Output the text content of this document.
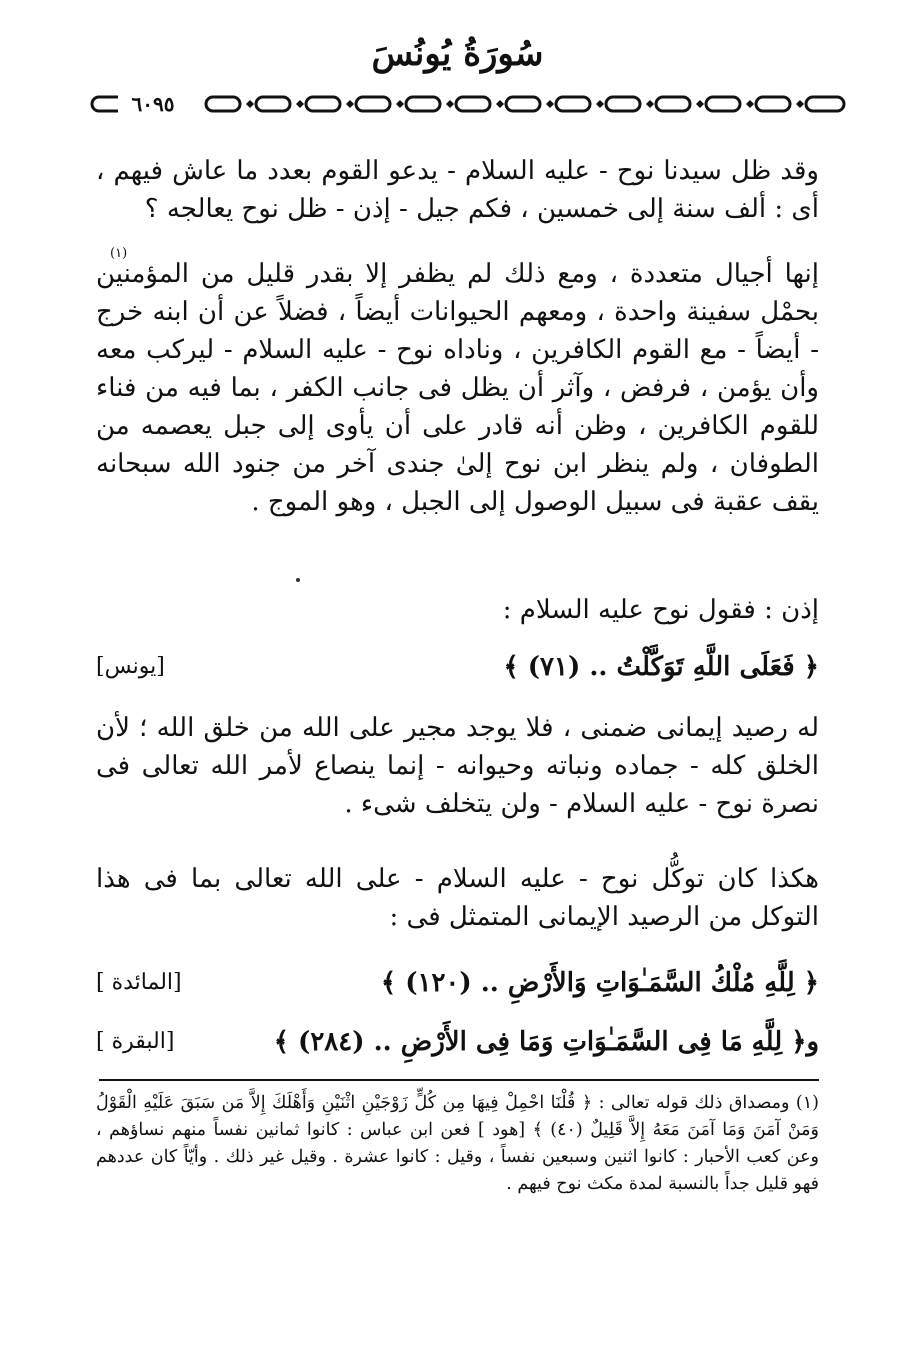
سُورَةُ يُونُسَ
٦٠٩٥
وقد ظل سيدنا نوح - عليه السلام - يدعو القوم بعدد ما عاش فيهم ، أى : ألف سنة إلى خمسين ، فكم جيل - إذن - ظل نوح يعالجه ؟
(١)
إنها أجيال متعددة ، ومع ذلك لم يظفر إلا بقدر قليل من المؤمنين بحمْل سفينة واحدة ، ومعهم الحيوانات أيضاً ، فضلاً عن أن ابنه خرج - أيضاً - مع القوم الكافرين ، وناداه نوح - عليه السلام - ليركب معه وأن يؤمن ، فرفض ، وآثر أن يظل فى جانب الكفر ، بما فيه من فناء للقوم الكافرين ، وظن أنه قادر على أن يأوى إلى جبل يعصمه من الطوفان ، ولم ينظر ابن نوح إلىٰ جندى آخر من جنود الله سبحانه يقف عقبة فى سبيل الوصول إلى الجبل ، وهو الموج .
إذن : فقول نوح عليه السلام :
﴿ فَعَلَى اللَّهِ تَوَكَّلْتُ .. (٧١) ﴾
[يونس]
له رصيد إيمانى ضمنى ، فلا يوجد مجير على الله من خلق الله ؛ لأن الخلق كله - جماده ونباته وحيوانه - إنما ينصاع لأمر الله تعالى فى نصرة نوح - عليه السلام - ولن يتخلف شىء .
هكذا كان توكُّل نوح - عليه السلام - على الله تعالى بما فى هذا التوكل من الرصيد الإيمانى المتمثل فى :
﴿ لِلَّهِ مُلْكُ السَّمَـٰوَاتِ وَالأَرْضِ .. (١٢٠) ﴾
[المائدة ]
و﴿ لِلَّهِ مَا فِى السَّمَـٰوَاتِ وَمَا فِى الأَرْضِ .. (٢٨٤) ﴾
[البقرة ]
(١) ومصداق ذلك قوله تعالى : ﴿ قُلْنَا احْمِلْ فِيهَا مِن كُلٍّ زَوْجَيْنِ اثْنَيْنِ وَأَهْلَكَ إِلاَّ مَن سَبَقَ عَلَيْهِ الْقَوْلُ وَمَنْ آمَنَ وَمَا آمَنَ مَعَهُ إِلاَّ قَلِيلٌ (٤٠) ﴾ [هود ] فعن ابن عباس : كانوا ثمانين نفساً منهم نساؤهم ، وعن كعب الأحبار : كانوا اثنين وسبعين نفساً ، وقيل : كانوا عشرة . وقيل غير ذلك . وأيّاً كان عددهم فهو قليل جداً بالنسبة لمدة مكث نوح فيهم .
